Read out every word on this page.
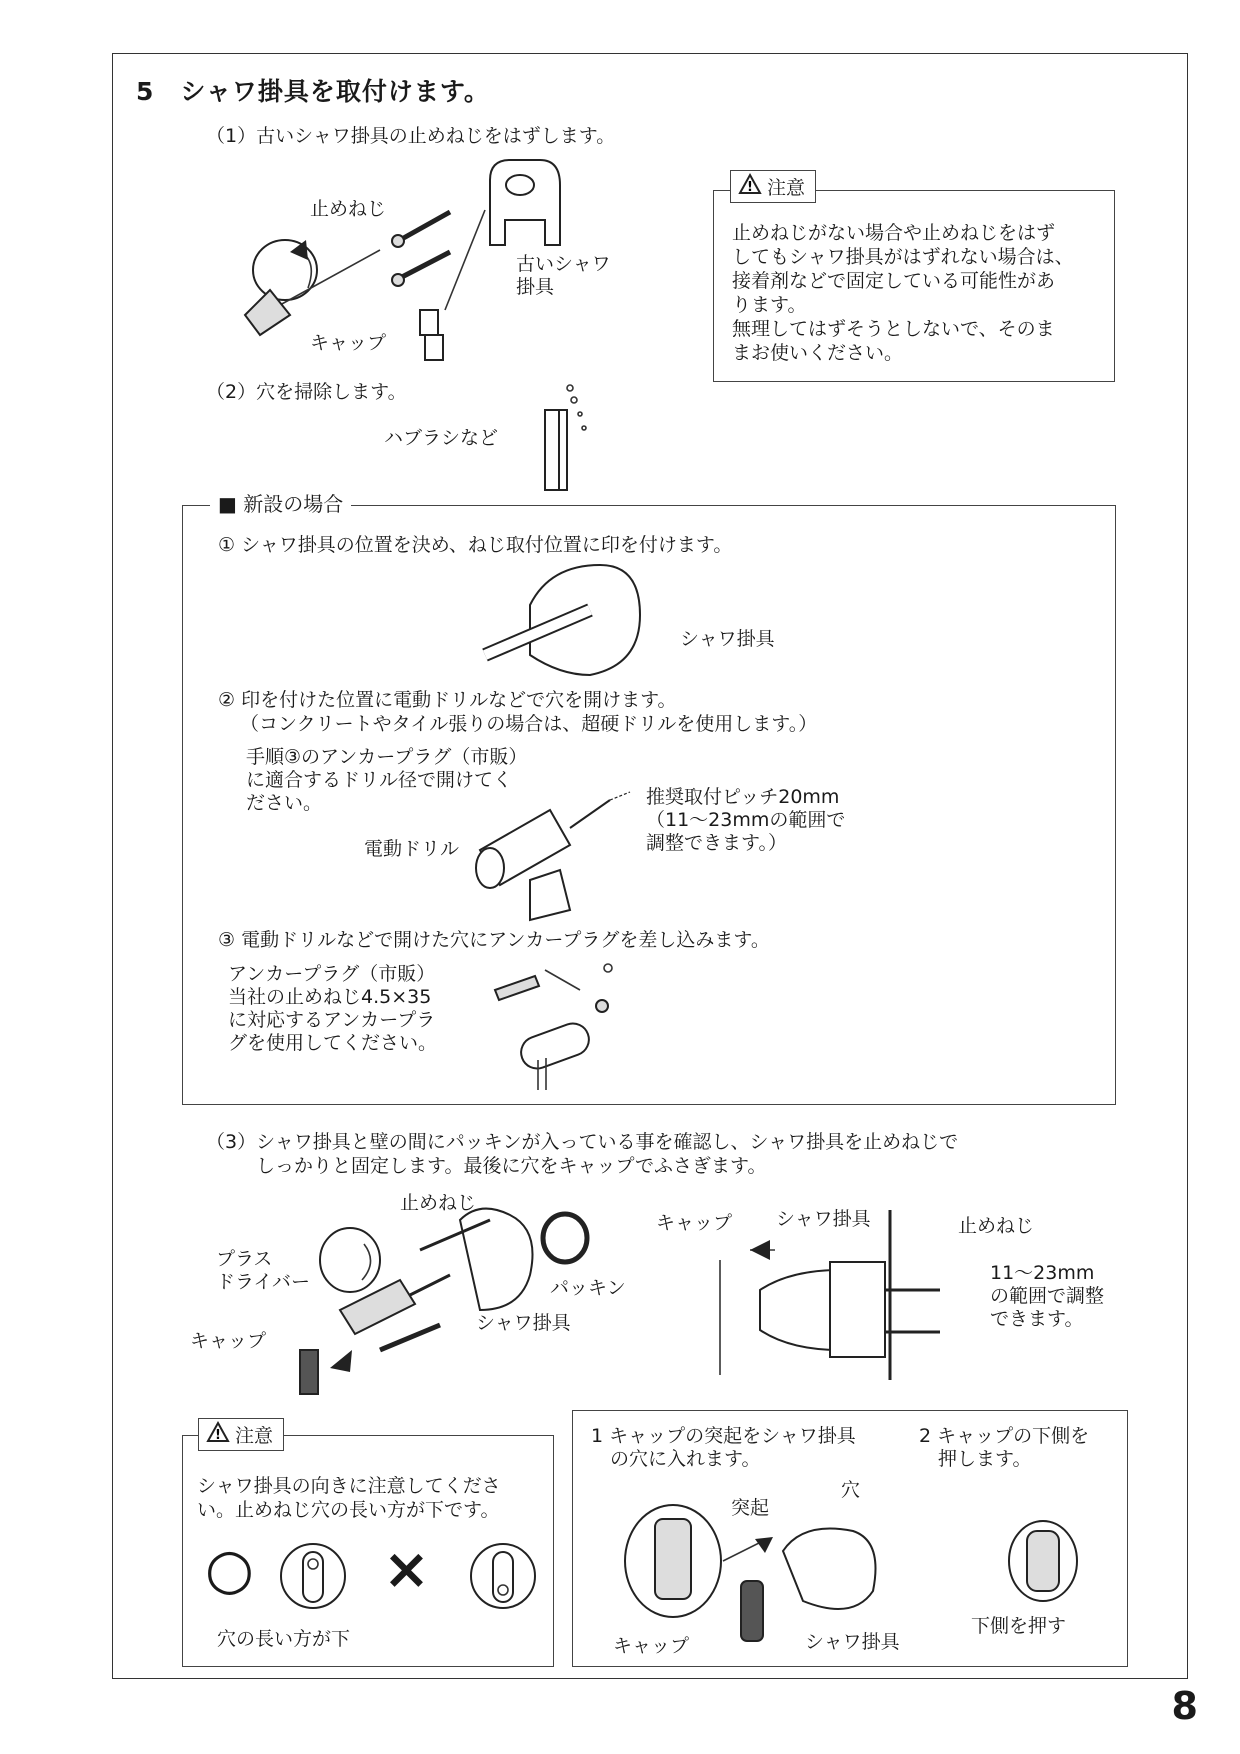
5　シャワ掛具を取付けます。
（1）古いシャワ掛具の止めねじをはずします。
止めねじ
古いシャワ
掛具
キャップ
止めねじがない場合や止めねじをはず
してもシャワ掛具がはずれない場合は、
接着剤などで固定している可能性があ
ります。
無理してはずそうとしないで、そのま
まお使いください。
! 注意
（2）穴を掃除します。
ハブラシなど
■ 新設の場合
① シャワ掛具の位置を決め、ねじ取付位置に印を付けます。
シャワ掛具
② 印を付けた位置に電動ドリルなどで穴を開けます。
（コンクリートやタイル張りの場合は、超硬ドリルを使用します。）
手順③のアンカープラグ（市販）
に適合するドリル径で開けてく
ださい。	推奨取付ピッチ20mm
（11〜23mmの範囲で
調整できます。）
電動ドリル
③ 電動ドリルなどで開けた穴にアンカープラグを差し込みます。
アンカープラグ（市販）
当社の止めねじ4.5×35
に対応するアンカープラ
グを使用してください。
（3）シャワ掛具と壁の間にパッキンが入っている事を確認し、シャワ掛具を止めねじで
しっかりと固定します。最後に穴をキャップでふさぎます。
止めねじ
プラス
ドライバー	パッキン
シャワ掛具
キャップ
キャップ シャワ掛具	止めねじ
11〜23mm
の範囲で調整
できます。
シャワ掛具の向きに注意してくださ
い。止めねじ穴の長い方が下です。
○ ×
穴の長い方が下
! 注意	1 キャップの突起をシャワ掛具
　の穴に入れます。
2 キャップの下側を
　押します。
突起
穴
キャップ	シャワ掛具
下側を押す
8
